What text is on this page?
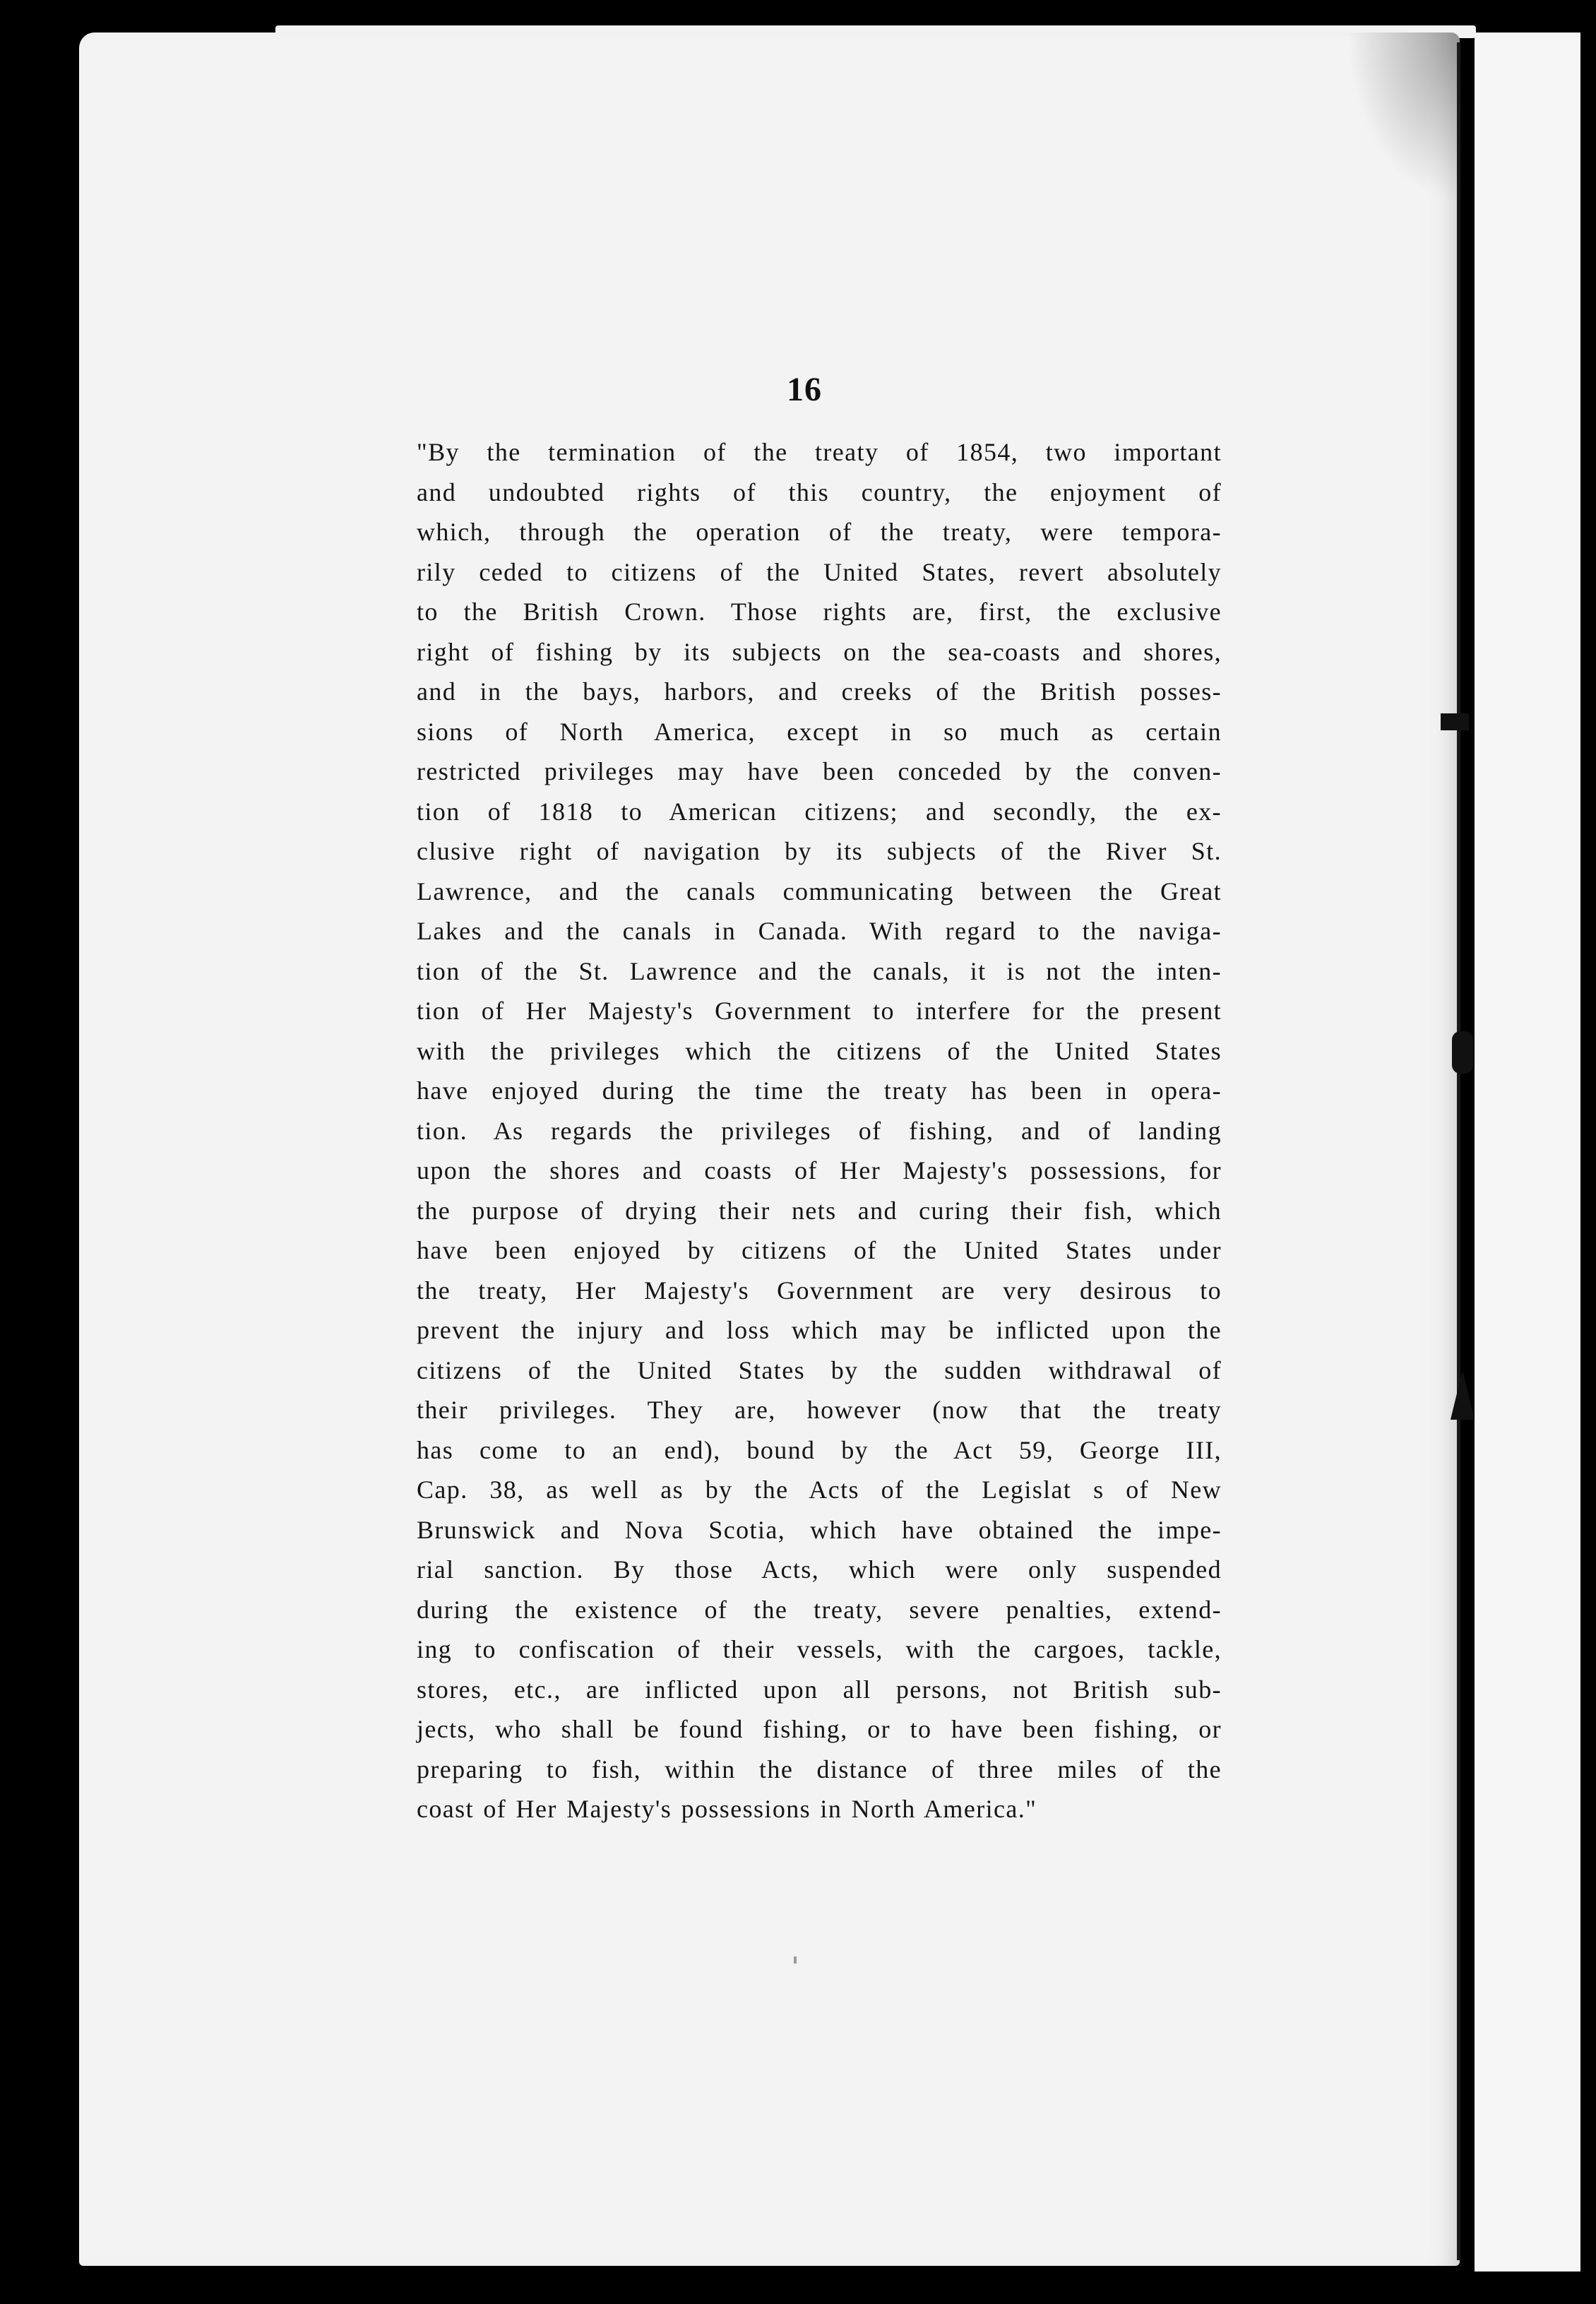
16
"By the termination of the treaty of 1854, two important
and undoubted rights of this country, the enjoyment of
which, through the operation of the treaty, were tempora-
rily ceded to citizens of the United States, revert absolutely
to the British Crown. Those rights are, first, the exclusive
right of fishing by its subjects on the sea-coasts and shores,
and in the bays, harbors, and creeks of the British posses-
sions of North America, except in so much as certain
restricted privileges may have been conceded by the conven-
tion of 1818 to American citizens; and secondly, the ex-
clusive right of navigation by its subjects of the River St.
Lawrence, and the canals communicating between the Great
Lakes and the canals in Canada. With regard to the naviga-
tion of the St. Lawrence and the canals, it is not the inten-
tion of Her Majesty's Government to interfere for the present
with the privileges which the citizens of the United States
have enjoyed during the time the treaty has been in opera-
tion. As regards the privileges of fishing, and of landing
upon the shores and coasts of Her Majesty's possessions, for
the purpose of drying their nets and curing their fish, which
have been enjoyed by citizens of the United States under
the treaty, Her Majesty's Government are very desirous to
prevent the injury and loss which may be inflicted upon the
citizens of the United States by the sudden withdrawal of
their privileges. They are, however (now that the treaty
has come to an end), bound by the Act 59, George III,
Cap. 38, as well as by the Acts of the Legislat s of New
Brunswick and Nova Scotia, which have obtained the impe-
rial sanction. By those Acts, which were only suspended
during the existence of the treaty, severe penalties, extend-
ing to confiscation of their vessels, with the cargoes, tackle,
stores, etc., are inflicted upon all persons, not British sub-
jects, who shall be found fishing, or to have been fishing, or
preparing to fish, within the distance of three miles of the
coast of Her Majesty's possessions in North America."
